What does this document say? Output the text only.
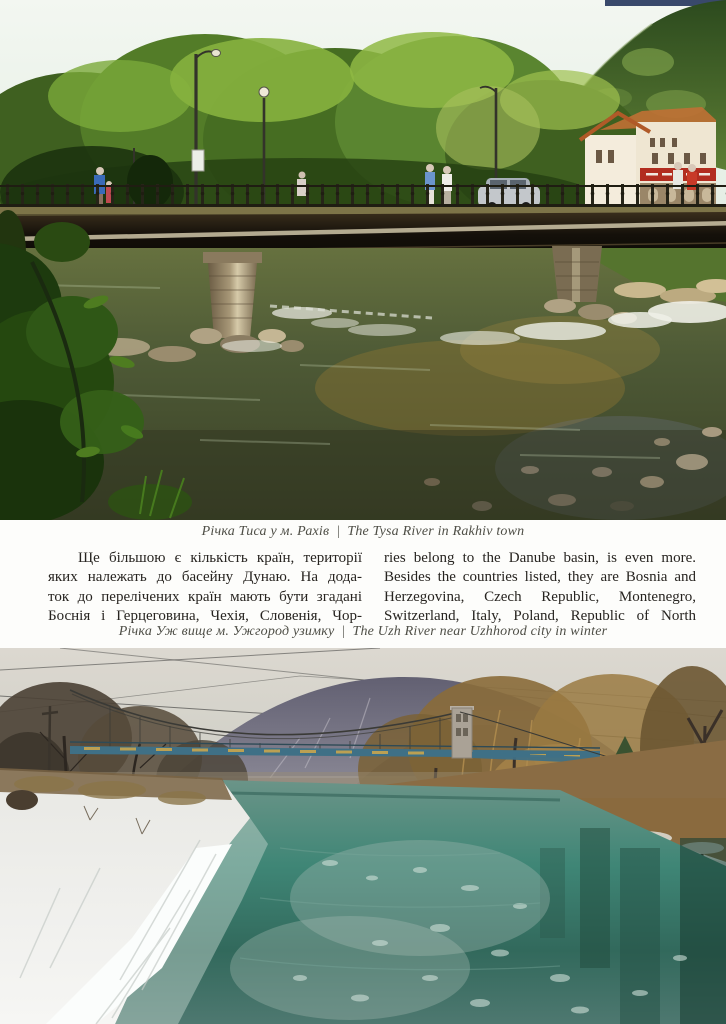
Річка Тиса у м. Рахів | The Tysa River in Rakhiv town
Ще більшою є кількість країн, території
яких належать до басейну Дунаю. На дода-
ток до перелічених країн мають бути згадані
Боснія і Герцеговина, Чехія, Словенія, Чор-
ries belong to the Danube basin, is even more.
Besides the countries listed, they are Bosnia and
Herzegovina, Czech Republic, Montenegro,
Switzerland, Italy, Poland, Republic of North
Річка Уж вище м. Ужгород узимку | The Uzh River near Uzhhorod city in winter
